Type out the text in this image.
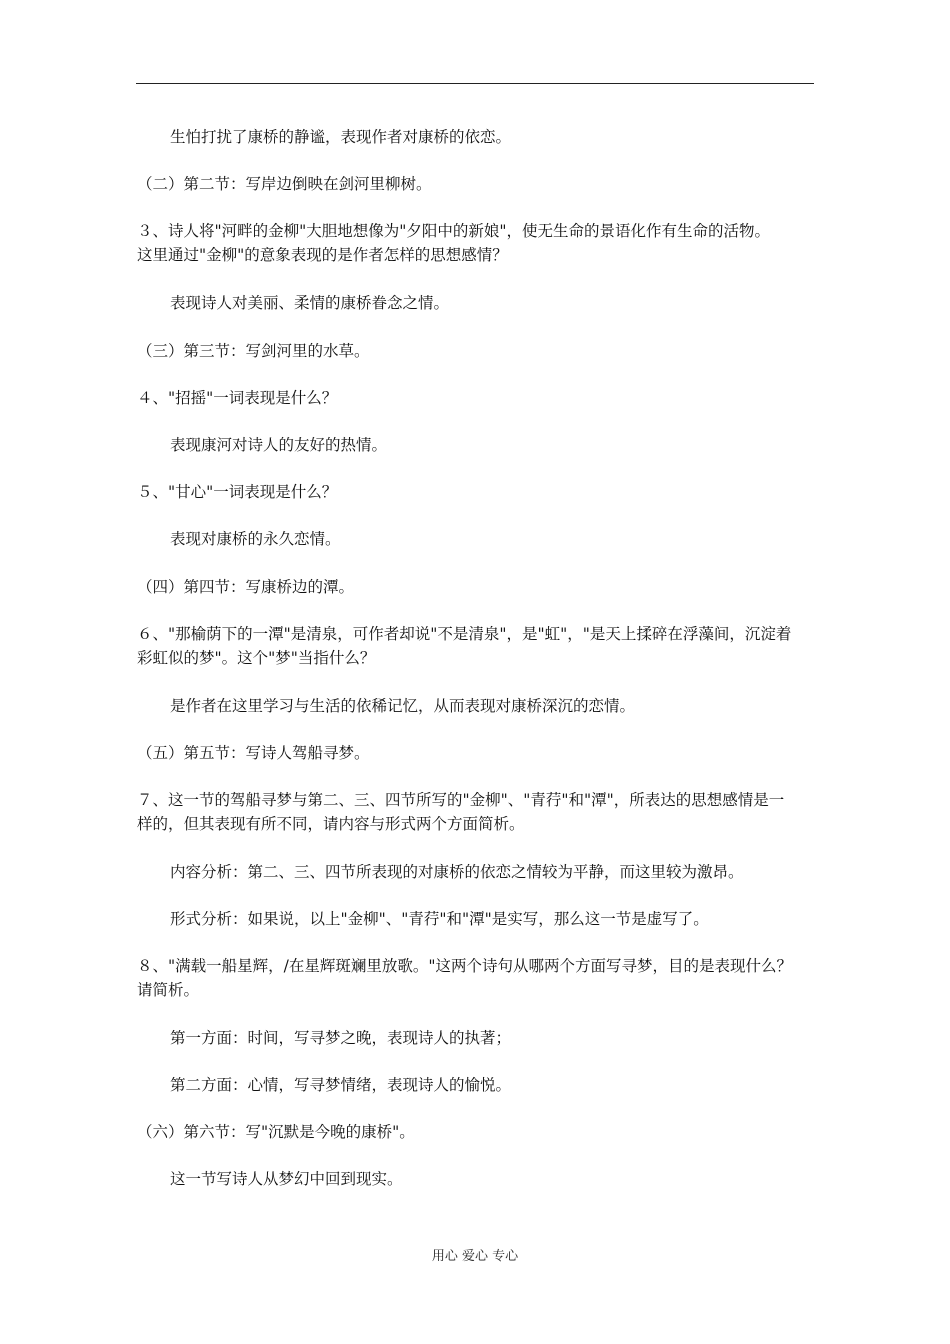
生怕打扰了康桥的静谧，表现作者对康桥的依恋。
（二）第二节：写岸边倒映在剑河里柳树。
３、诗人将"河畔的金柳"大胆地想像为"夕阳中的新娘"，使无生命的景语化作有生命的活物。
这里通过"金柳"的意象表现的是作者怎样的思想感情？
表现诗人对美丽、柔情的康桥眷念之情。
（三）第三节：写剑河里的水草。
４、"招摇"一词表现是什么？
表现康河对诗人的友好的热情。
５、"甘心"一词表现是什么？
表现对康桥的永久恋情。
（四）第四节：写康桥边的潭。
６、"那榆荫下的一潭"是清泉，可作者却说"不是清泉"，是"虹"，"是天上揉碎在浮藻间，沉淀着
彩虹似的梦"。这个"梦"当指什么？
是作者在这里学习与生活的依稀记忆，从而表现对康桥深沉的恋情。
（五）第五节：写诗人驾船寻梦。
７、这一节的驾船寻梦与第二、三、四节所写的"金柳"、"青荇"和"潭"，所表达的思想感情是一
样的，但其表现有所不同，请内容与形式两个方面简析。
内容分析：第二、三、四节所表现的对康桥的依恋之情较为平静，而这里较为激昂。
形式分析：如果说，以上"金柳"、"青荇"和"潭"是实写，那么这一节是虚写了。
８、"满载一船星辉，/在星辉斑斓里放歌。"这两个诗句从哪两个方面写寻梦，目的是表现什么？
请简析。
第一方面：时间，写寻梦之晚，表现诗人的执著；
第二方面：心情，写寻梦情绪，表现诗人的愉悦。
（六）第六节：写"沉默是今晚的康桥"。
这一节写诗人从梦幻中回到现实。
用心 爱心 专心
